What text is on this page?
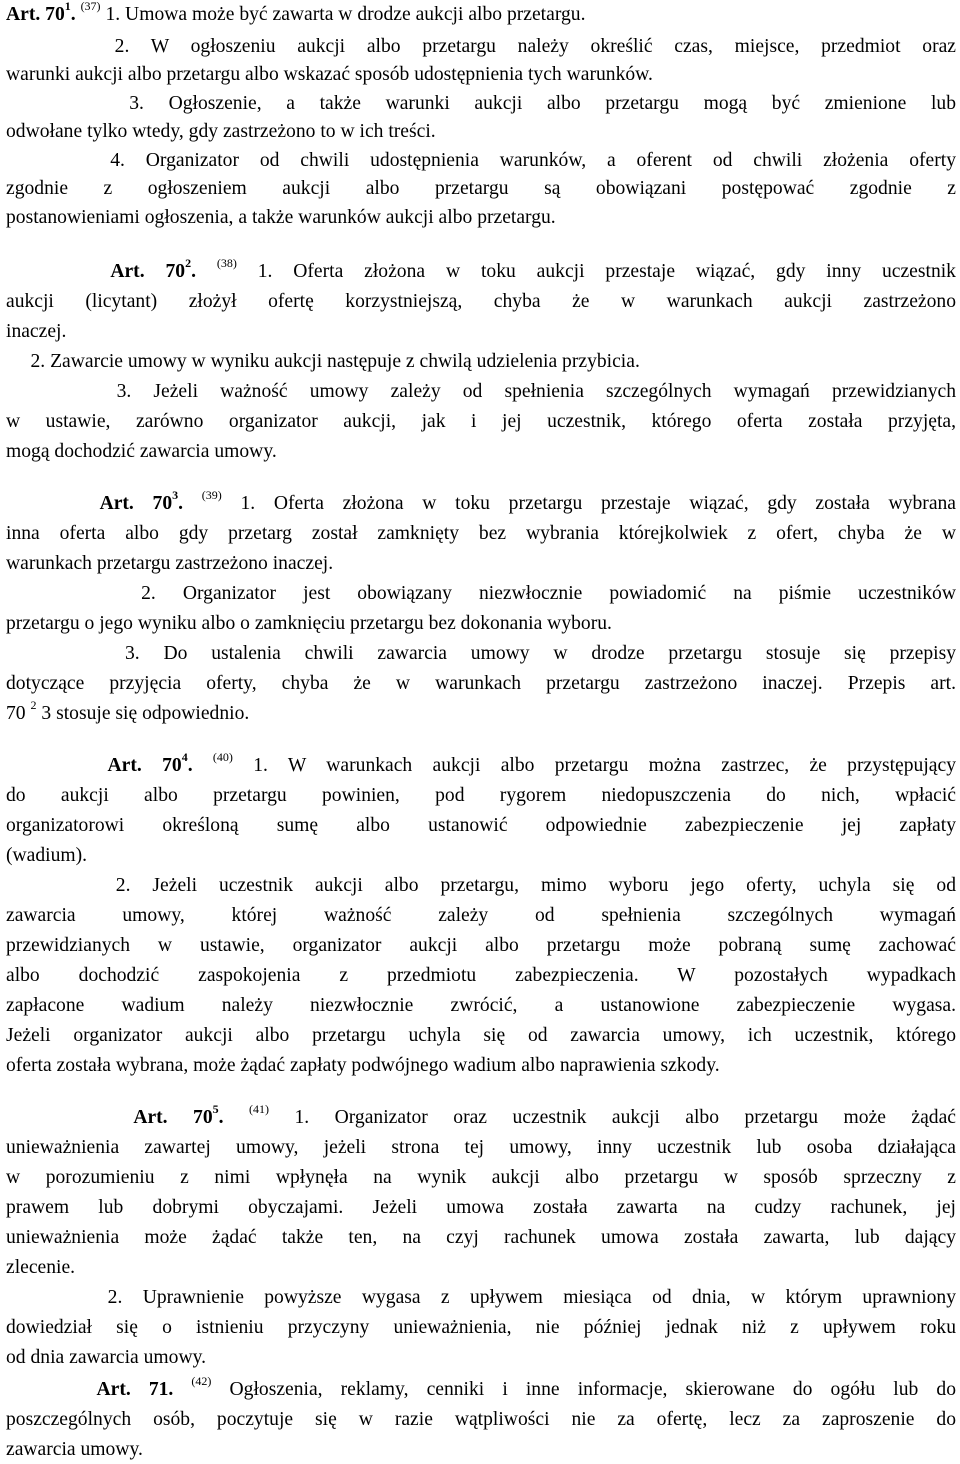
Art. $70^1$. $^{(37)}$ 1. Umowa może być zawarta w drodze aukcji albo przetargu.
2. W ogłoszeniu aukcji albo przetargu należy określić czas, miejsce, przedmiot oraz
warunki aukcji albo przetargu albo wskazać sposób udostępnienia tych warunków.
3. Ogłoszenie, a także warunki aukcji albo przetargu mogą być zmienione lub
odwołane tylko wtedy, gdy zastrzeżono to w ich treści.
4. Organizator od chwili udostępnienia warunków, a oferent od chwili złożenia oferty
zgodnie z ogłoszeniem aukcji albo przetargu są obowiązani postępować zgodnie z
postanowieniami ogłoszenia, a także warunków aukcji albo przetargu.
Art. $70^2$. $^{(38)}$ 1. Oferta złożona w toku aukcji przestaje wiązać, gdy inny uczestnik
aukcji (licytant) złożył ofertę korzystniejszą, chyba że w warunkach aukcji zastrzeżono
inaczej.
2. Zawarcie umowy w wyniku aukcji następuje z chwilą udzielenia przybicia.
3. Jeżeli ważność umowy zależy od spełnienia szczególnych wymagań przewidzianych
w ustawie, zarówno organizator aukcji, jak i jej uczestnik, którego oferta została przyjęta,
mogą dochodzić zawarcia umowy.
Art. $70^3$. $^{(39)}$ 1. Oferta złożona w toku przetargu przestaje wiązać, gdy została wybrana
inna oferta albo gdy przetarg został zamknięty bez wybrania którejkolwiek z ofert, chyba że w
warunkach przetargu zastrzeżono inaczej.
2. Organizator jest obowiązany niezwłocznie powiadomić na piśmie uczestników
przetargu o jego wyniku albo o zamknięciu przetargu bez dokonania wyboru.
3. Do ustalenia chwili zawarcia umowy w drodze przetargu stosuje się przepisy
dotyczące przyjęcia oferty, chyba że w warunkach przetargu zastrzeżono inaczej. Przepis art.
70 $^2$ 3 stosuje się odpowiednio.
Art. $70^4$. $^{(40)}$ 1. W warunkach aukcji albo przetargu można zastrzec, że przystępujący
do aukcji albo przetargu powinien, pod rygorem niedopuszczenia do nich, wpłacić
organizatorowi określoną sumę albo ustanowić odpowiednie zabezpieczenie jej zapłaty
(wadium).
2. Jeżeli uczestnik aukcji albo przetargu, mimo wyboru jego oferty, uchyla się od
zawarcia umowy, której ważność zależy od spełnienia szczególnych wymagań
przewidzianych w ustawie, organizator aukcji albo przetargu może pobraną sumę zachować
albo dochodzić zaspokojenia z przedmiotu zabezpieczenia. W pozostałych wypadkach
zapłacone wadium należy niezwłocznie zwrócić, a ustanowione zabezpieczenie wygasa.
Jeżeli organizator aukcji albo przetargu uchyla się od zawarcia umowy, ich uczestnik, którego
oferta została wybrana, może żądać zapłaty podwójnego wadium albo naprawienia szkody.
Art. $70^5$. $^{(41)}$ 1. Organizator oraz uczestnik aukcji albo przetargu może żądać
unieważnienia zawartej umowy, jeżeli strona tej umowy, inny uczestnik lub osoba działająca
w porozumieniu z nimi wpłynęła na wynik aukcji albo przetargu w sposób sprzeczny z
prawem lub dobrymi obyczajami. Jeżeli umowa została zawarta na cudzy rachunek, jej
unieważnienia może żądać także ten, na czyj rachunek umowa została zawarta, lub dający
zlecenie.
2. Uprawnienie powyższe wygasa z upływem miesiąca od dnia, w którym uprawniony
dowiedział się o istnieniu przyczyny unieważnienia, nie później jednak niż z upływem roku
od dnia zawarcia umowy.
Art. 71. $^{(42)}$ Ogłoszenia, reklamy, cenniki i inne informacje, skierowane do ogółu lub do
poszczególnych osób, poczytuje się w razie wątpliwości nie za ofertę, lecz za zaproszenie do
zawarcia umowy.
